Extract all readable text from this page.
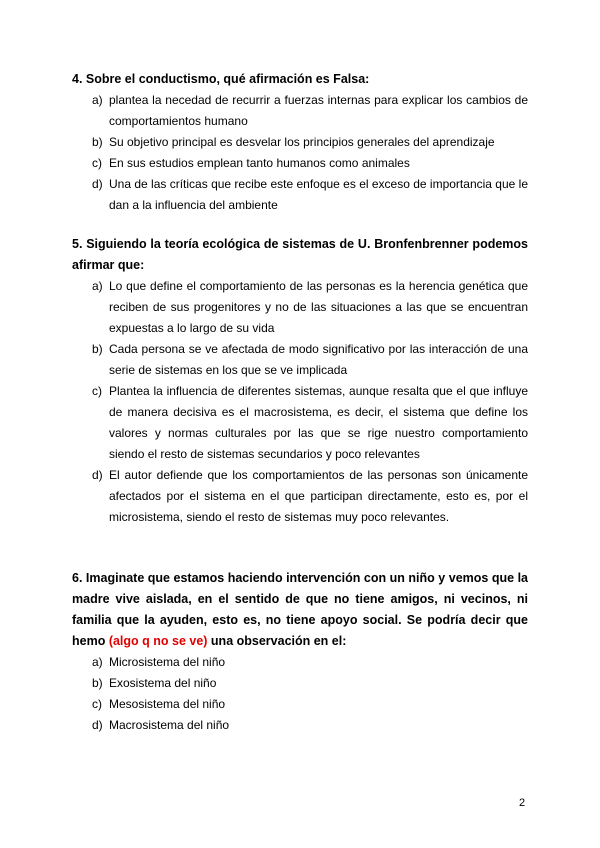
4. Sobre el conductismo, qué afirmación es Falsa:
a) plantea la necedad de recurrir a fuerzas internas para explicar los cambios de comportamientos humano
b) Su objetivo principal es desvelar los principios generales del aprendizaje
c) En sus estudios emplean tanto humanos como animales
d) Una de las críticas que recibe este enfoque es el exceso de importancia que le dan a la influencia del ambiente
5. Siguiendo la teoría ecológica de sistemas de U. Bronfenbrenner podemos afirmar que:
a) Lo que define el comportamiento de las personas es la herencia genética que reciben de sus progenitores y no de las situaciones a las que se encuentran expuestas a lo largo de su vida
b) Cada persona se ve afectada de modo significativo por las interacción de una serie de sistemas en los que se ve implicada
c) Plantea la influencia de diferentes sistemas, aunque resalta que el que influye de manera decisiva es el macrosistema, es decir, el sistema que define los valores y normas culturales por las que se rige nuestro comportamiento siendo el resto de sistemas secundarios y poco relevantes
d) El autor defiende que los comportamientos de las personas son únicamente afectados por el sistema en el que participan directamente, esto es, por el microsistema, siendo el resto de sistemas muy poco relevantes.
6. Imaginate que estamos haciendo intervención con un niño y vemos que la madre vive aislada, en el sentido de que no tiene amigos, ni vecinos, ni familia que la ayuden, esto es, no tiene apoyo social. Se podría decir que hemo (algo q no se ve) una observación en el:
a) Microsistema del niño
b) Exosistema del niño
c) Mesosistema del niño
d) Macrosistema del niño
2
